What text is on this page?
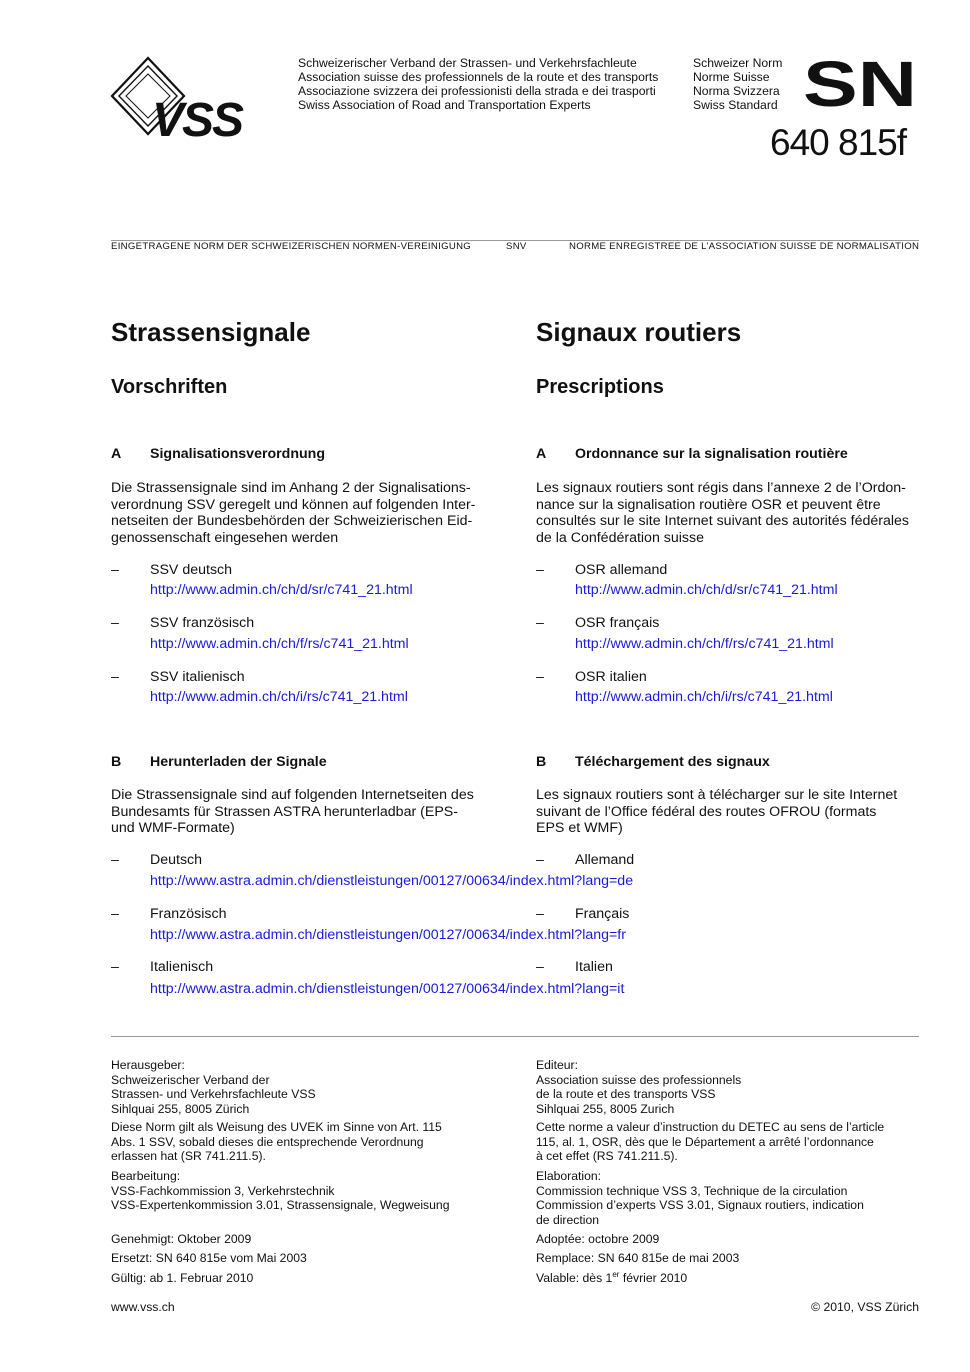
VSS
Schweizerischer Verband der Strassen- und Verkehrsfachleute
Association suisse des professionnels de la route et des transports
Associazione svizzera dei professionisti della strada e dei trasporti
Swiss Association of Road and Transportation Experts
Schweizer Norm
Norme Suisse
Norma Svizzera
Swiss Standard SN
640 815f
EINGETRAGENE NORM DER SCHWEIZERISCHEN NORMEN-VEREINIGUNG	SNV	NORME ENREGISTREE DE L’ASSOCIATION SUISSE DE NORMALISATION
Strassensignale	Signaux routiers
Vorschriften	Prescriptions
A Signalisationsverordnung	A Ordonnance sur la signalisation routière
Die Strassensignale sind im Anhang 2 der Signalisations-
verordnung SSV geregelt und können auf folgenden Inter-
netseiten der Bundesbehörden der Schweizierischen Eid-
genossenschaft eingesehen werden
Les signaux routiers sont régis dans l’annexe 2 de l’Ordon-
nance sur la signalisation routière OSR et peuvent être
consultés sur le site Internet suivant des autorités fédérales
de la Confédération suisse
– SSV deutsch
http://www.admin.ch/ch/d/sr/c741_21.html
– SSV französisch
http://www.admin.ch/ch/f/rs/c741_21.html
– SSV italienisch
http://www.admin.ch/ch/i/rs/c741_21.html
– OSR allemand
http://www.admin.ch/ch/d/sr/c741_21.html
– OSR français
http://www.admin.ch/ch/f/rs/c741_21.html
– OSR italien
http://www.admin.ch/ch/i/rs/c741_21.html
B Herunterladen der Signale	B Téléchargement des signaux
Die Strassensignale sind auf folgenden Internetseiten des
Bundesamts für Strassen ASTRA herunterladbar (EPS-
und WMF-Formate)
Les signaux routiers sont à télécharger sur le site Internet
suivant de l’Office fédéral des routes OFROU (formats
EPS et WMF)
– Deutsch	– Allemand
http://www.astra.admin.ch/dienstleistungen/00127/00634/index.html?lang=de
– Französisch	– Français
http://www.astra.admin.ch/dienstleistungen/00127/00634/index.html?lang=fr
– Italienisch	– Italien
http://www.astra.admin.ch/dienstleistungen/00127/00634/index.html?lang=it
Herausgeber:
Schweizerischer Verband der
Strassen- und Verkehrsfachleute VSS
Sihlquai 255, 8005 Zürich
Diese Norm gilt als Weisung des UVEK im Sinne von Art. 115
Abs. 1 SSV, sobald dieses die entsprechende Verordnung
erlassen hat (SR 741.211.5).
Bearbeitung:
VSS-Fachkommission 3, Verkehrstechnik
VSS-Expertenkommission 3.01, Strassensignale, Wegweisung
Genehmigt: Oktober 2009
Ersetzt: SN 640 815e vom Mai 2003
Gültig: ab 1. Februar 2010
www.vss.ch
Editeur:
Association suisse des professionnels
de la route et des transports VSS
Sihlquai 255, 8005 Zurich
Cette norme a valeur d’instruction du DETEC au sens de l’article
115, al. 1, OSR, dès que le Département a arrêté l’ordonnance
à cet effet (RS 741.211.5).
Elaboration:
Commission technique VSS 3, Technique de la circulation
Commission d’experts VSS 3.01, Signaux routiers, indication
de direction
Adoptée: octobre 2009
Remplace: SN 640 815e de mai 2003
Valable: dès 1er février 2010
© 2010, VSS Zürich
